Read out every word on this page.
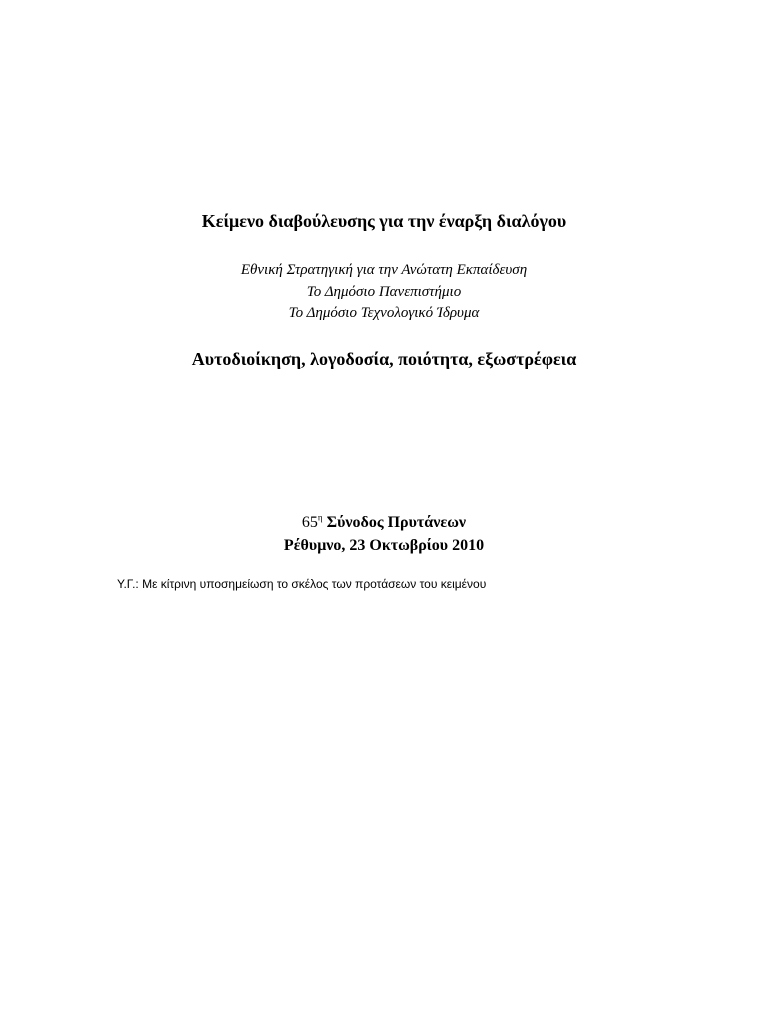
Κείμενο διαβούλευσης για την έναρξη διαλόγου
Εθνική Στρατηγική για την Ανώτατη Εκπαίδευση
Το Δημόσιο Πανεπιστήμιο
Το Δημόσιο Τεχνολογικό Ίδρυμα
Αυτοδιοίκηση, λογοδοσία, ποιότητα, εξωστρέφεια
$65^\eta$ Σύνοδος Πρυτάνεων
Ρέθυμνο, 23 Οκτωβρίου 2010
Υ.Γ.: Με κίτρινη υποσημείωση το σκέλος των προτάσεων του κειμένου
